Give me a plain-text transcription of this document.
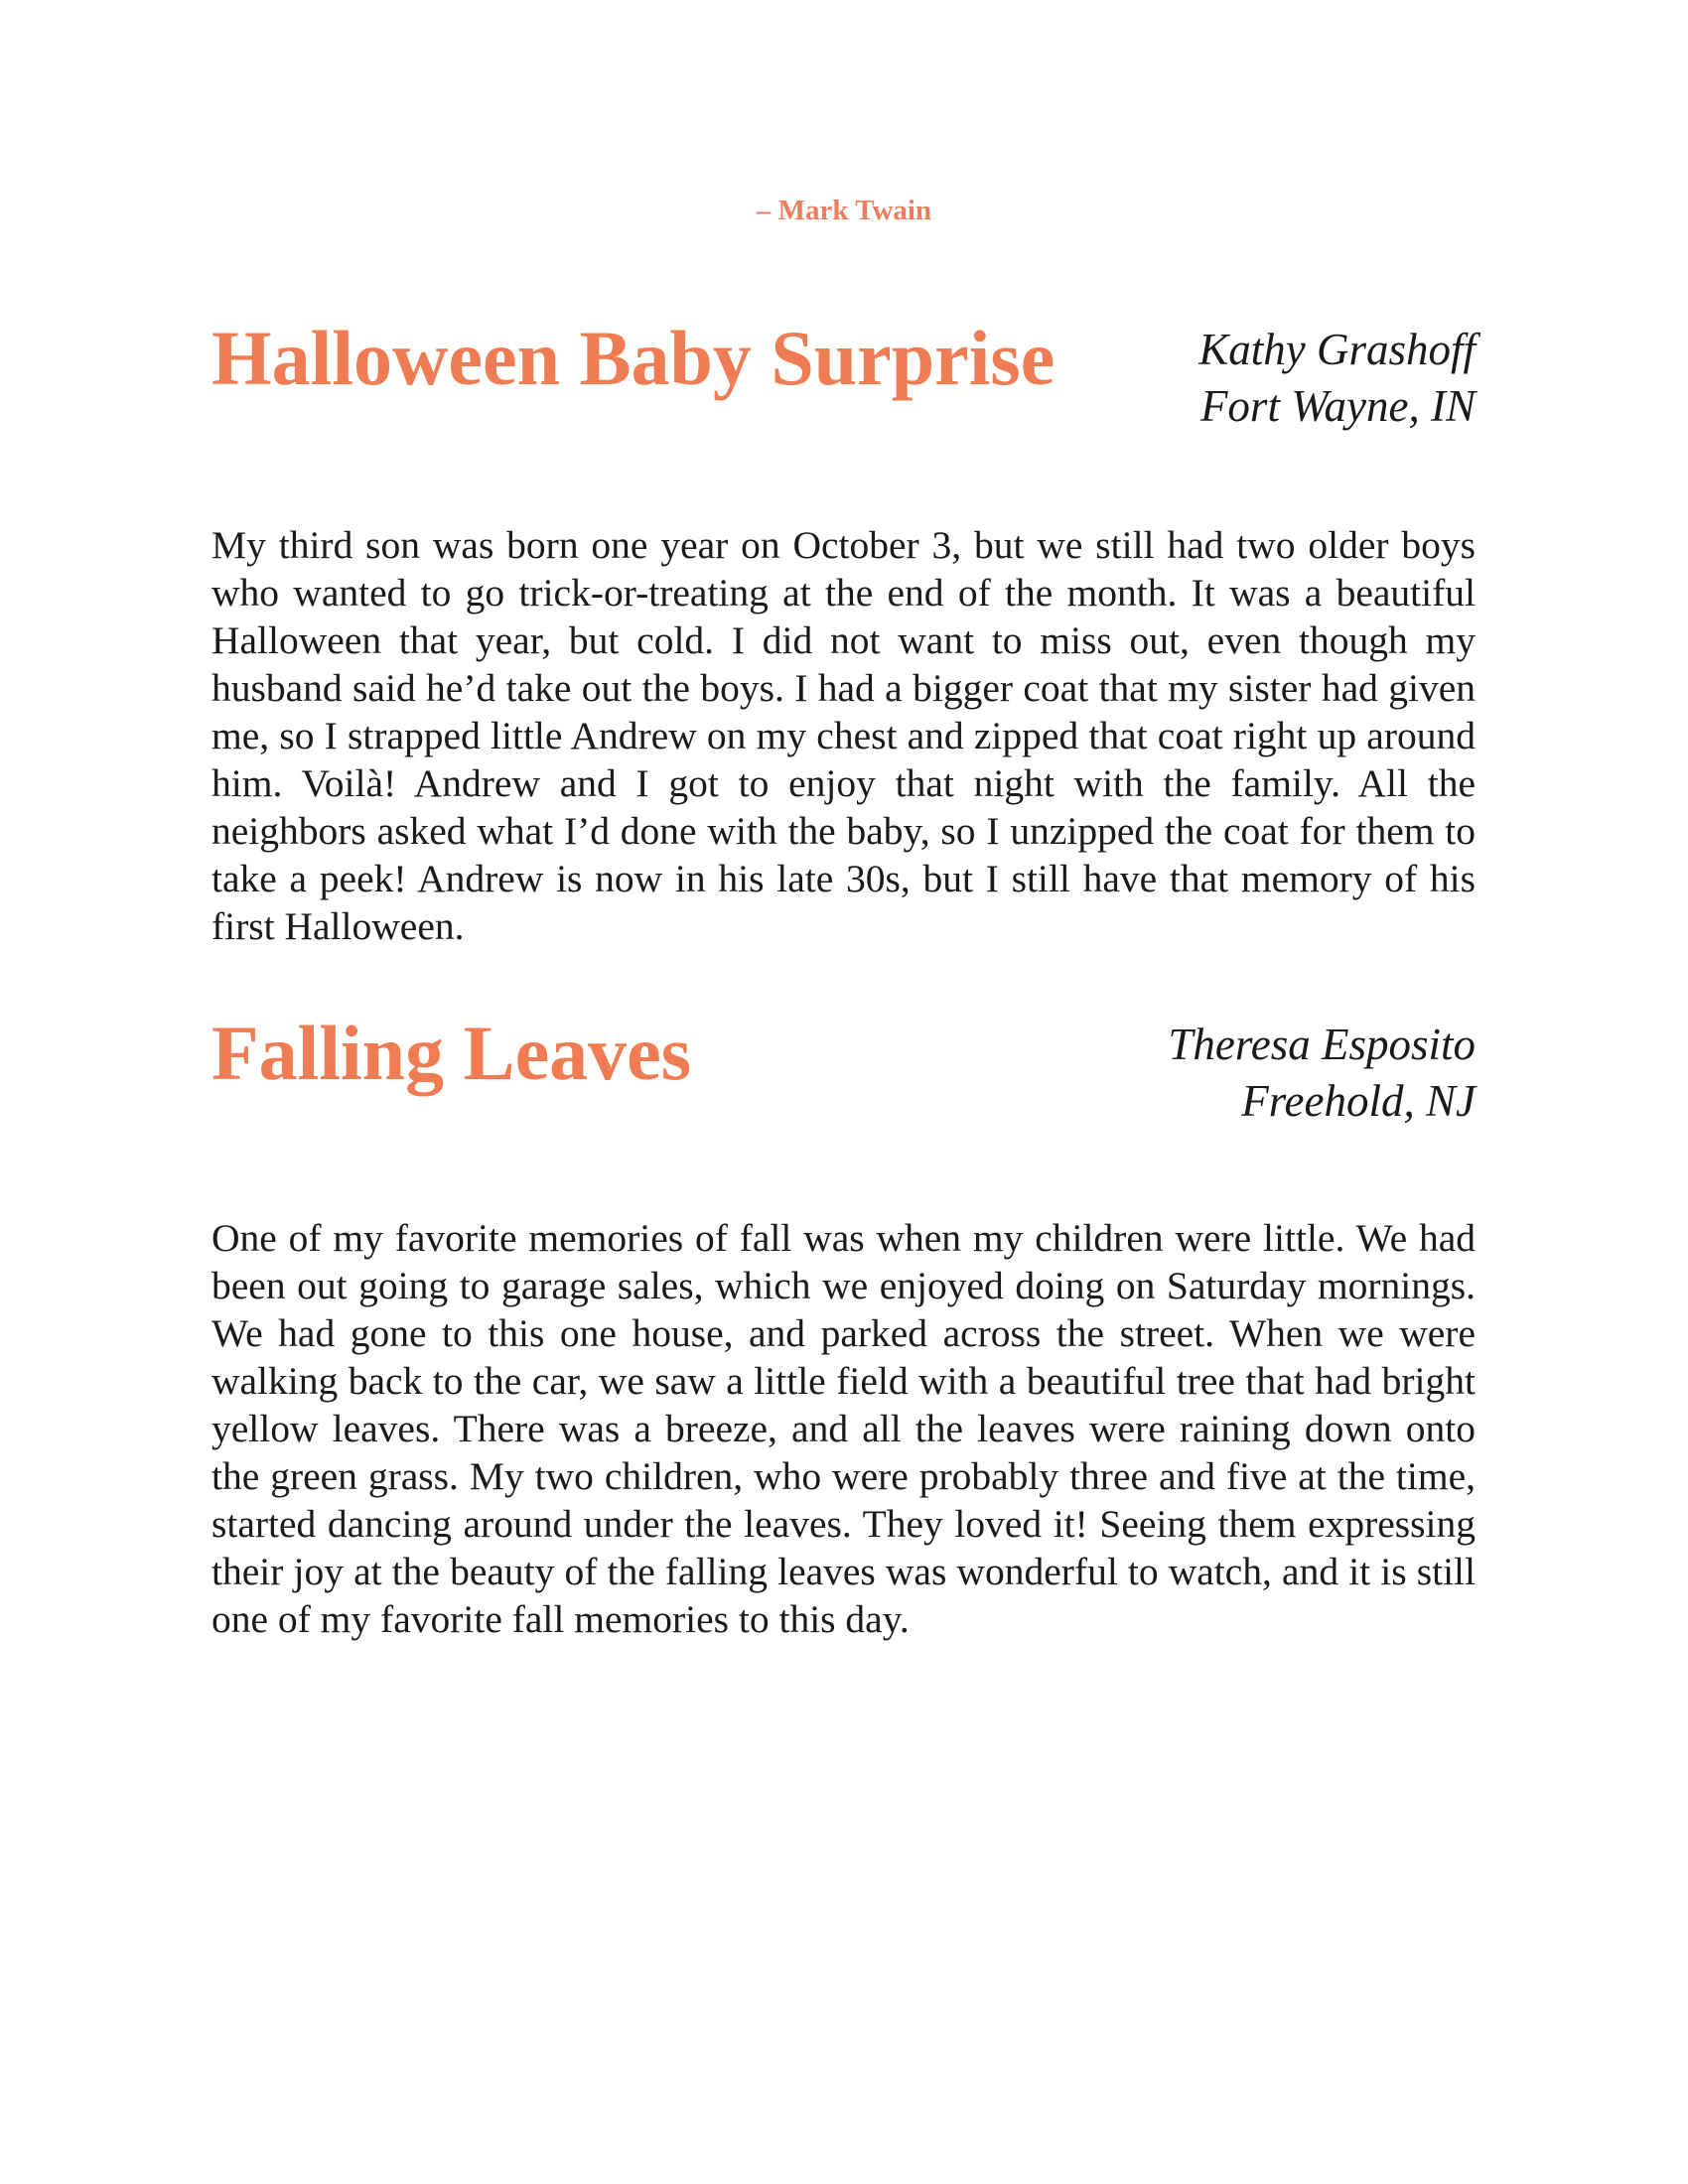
– Mark Twain
Halloween Baby Surprise	Kathy Grashoff
Fort Wayne, IN

My third son was born one year on October 3, but we still had two older boys who wanted to go trick-or-treating at the end of the month. It was a beautiful Halloween that year, but cold. I did not want to miss out, even though my husband said he’d take out the boys. I had a bigger coat that my sister had given me, so I strapped little Andrew on my chest and zipped that coat right up around him. Voilà! Andrew and I got to enjoy that night with the family. All the neighbors asked what I’d done with the baby, so I unzipped the coat for them to take a peek! Andrew is now in his late 30s, but I still have that memory of his first Halloween.

Falling Leaves	Theresa Esposito
Freehold, NJ

One of my favorite memories of fall was when my children were little. We had been out going to garage sales, which we enjoyed doing on Saturday mornings. We had gone to this one house, and parked across the street. When we were walking back to the car, we saw a little field with a beautiful tree that had bright yellow leaves. There was a breeze, and all the leaves were raining down onto the green grass. My two children, who were probably three and five at the time, started dancing around under the leaves. They loved it! Seeing them expressing their joy at the beauty of the falling leaves was wonderful to watch, and it is still one of my favorite fall memories to this day.
